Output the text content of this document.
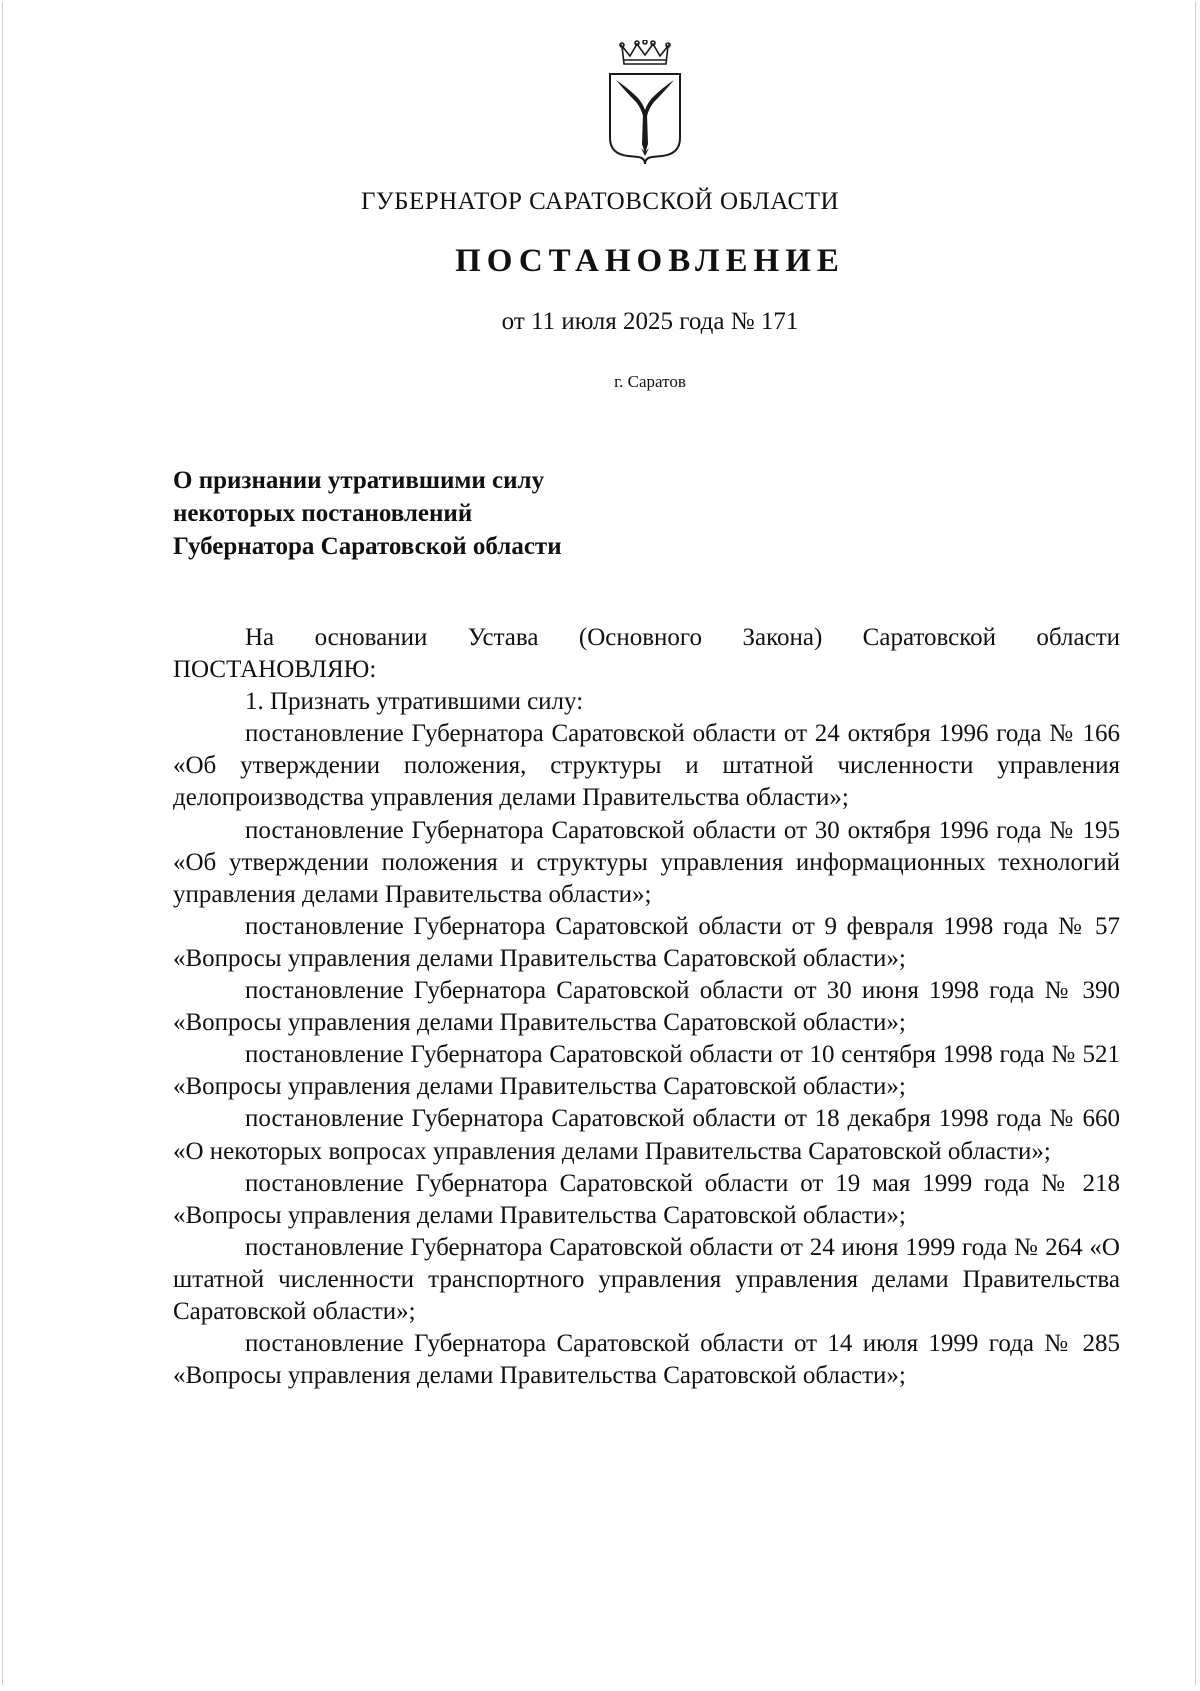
ГУБЕРНАТОР САРАТОВСКОЙ ОБЛАСТИ
ПОСТАНОВЛЕНИЕ
от 11 июля 2025 года № 171
г. Саратов
О признании утратившими силу
некоторых постановлений
Губернатора Саратовской области

На основании Устава (Основного Закона) Саратовской области ПОСТАНОВЛЯЮ:

1. Признать утратившими силу:

постановление Губернатора Саратовской области от 24 октября 1996 года № 166 «Об утверждении положения, структуры и штатной численности управления делопроизводства управления делами Правительства области»;

постановление Губернатора Саратовской области от 30 октября 1996 года № 195 «Об утверждении положения и структуры управления информационных технологий управления делами Правительства области»;

постановление Губернатора Саратовской области от 9 февраля 1998 года № 57 «Вопросы управления делами Правительства Саратовской области»;

постановление Губернатора Саратовской области от 30 июня 1998 года № 390 «Вопросы управления делами Правительства Саратовской области»;

постановление Губернатора Саратовской области от 10 сентября 1998 года № 521 «Вопросы управления делами Правительства Саратовской области»;

постановление Губернатора Саратовской области от 18 декабря 1998 года № 660 «О некоторых вопросах управления делами Правительства Саратовской области»;

постановление Губернатора Саратовской области от 19 мая 1999 года № 218 «Вопросы управления делами Правительства Саратовской области»;

постановление Губернатора Саратовской области от 24 июня 1999 года № 264 «О штатной численности транспортного управления управления делами Правительства Саратовской области»;

постановление Губернатора Саратовской области от 14 июля 1999 года № 285 «Вопросы управления делами Правительства Саратовской области»;
